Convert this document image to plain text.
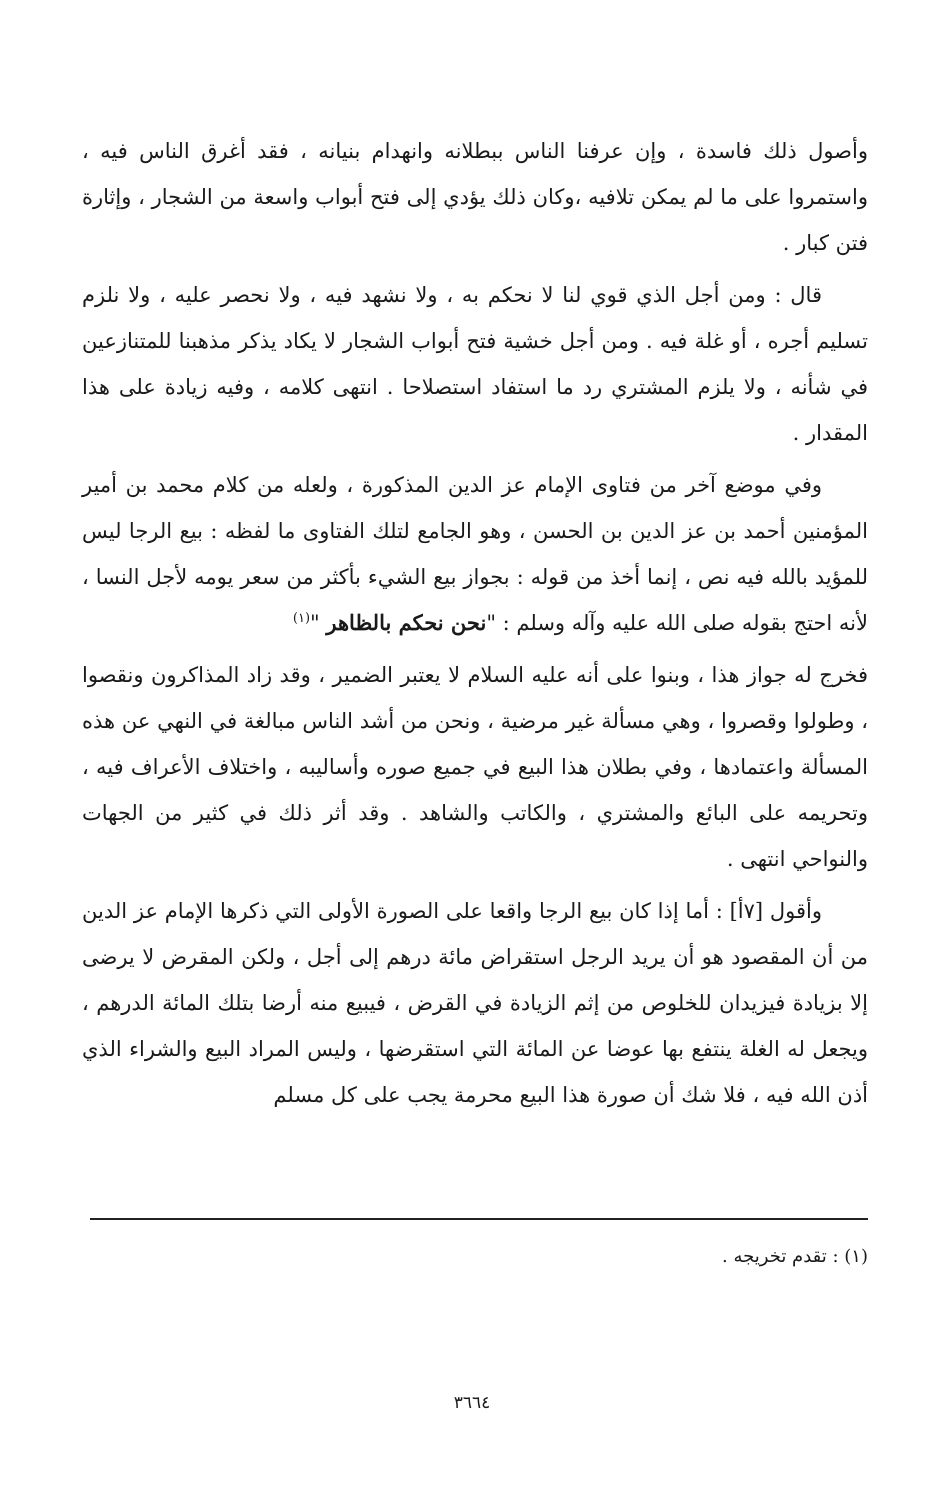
وأصول ذلك فاسدة ، وإن عرفنا الناس ببطلانه وانهدام بنيانه ، فقد أغرق الناس فيه ، واستمروا على ما لم يمكن تلافيه ،وكان ذلك يؤدي إلى فتح أبواب واسعة من الشجار ، وإثارة فتن كبار .

قال : ومن أجل الذي قوي لنا لا نحكم به ، ولا نشهد فيه ، ولا نحصر عليه ، ولا نلزم تسليم أجره ، أو غلة فيه . ومن أجل خشية فتح أبواب الشجار لا يكاد يذكر مذهبنا للمتنازعين في شأنه ، ولا يلزم المشتري رد ما استفاد استصلاحا . انتهى كلامه ، وفيه زيادة على هذا المقدار .

وفي موضع آخر من فتاوى الإمام عز الدين المذكورة ، ولعله من كلام محمد بن أمير المؤمنين أحمد بن عز الدين بن الحسن ، وهو الجامع لتلك الفتاوى ما لفظه : بيع الرجا ليس للمؤيد بالله فيه نص ، إنما أخذ من قوله : بجواز بيع الشيء بأكثر من سعر يومه لأجل النسا ، لأنه احتج بقوله صلى الله عليه وآله وسلم : "نحن نحكم بالظاهر "$^{(١)}$

فخرج له جواز هذا ، وبنوا على أنه عليه السلام لا يعتبر الضمير ، وقد زاد المذاكرون ونقصوا ، وطولوا وقصروا ، وهي مسألة غير مرضية ، ونحن من أشد الناس مبالغة في النهي عن هذه المسألة واعتمادها ، وفي بطلان هذا البيع في جميع صوره وأساليبه ، واختلاف الأعراف فيه ، وتحريمه على البائع والمشتري ، والكاتب والشاهد . وقد أثر ذلك في كثير من الجهات والنواحي انتهى .

وأقول [٧أ] : أما إذا كان بيع الرجا واقعا على الصورة الأولى التي ذكرها الإمام عز الدين من أن المقصود هو أن يريد الرجل استقراض مائة درهم إلى أجل ، ولكن المقرض لا يرضى إلا بزيادة فيزيدان للخلوص من إثم الزيادة في القرض ، فيبيع منه أرضا بتلك المائة الدرهم ، ويجعل له الغلة ينتفع بها عوضا عن المائة التي استقرضها ، وليس المراد البيع والشراء الذي أذن الله فيه ، فلا شك أن صورة هذا البيع محرمة يجب على كل مسلم

(١) : تقدم تخريجه .
٣٦٦٤
